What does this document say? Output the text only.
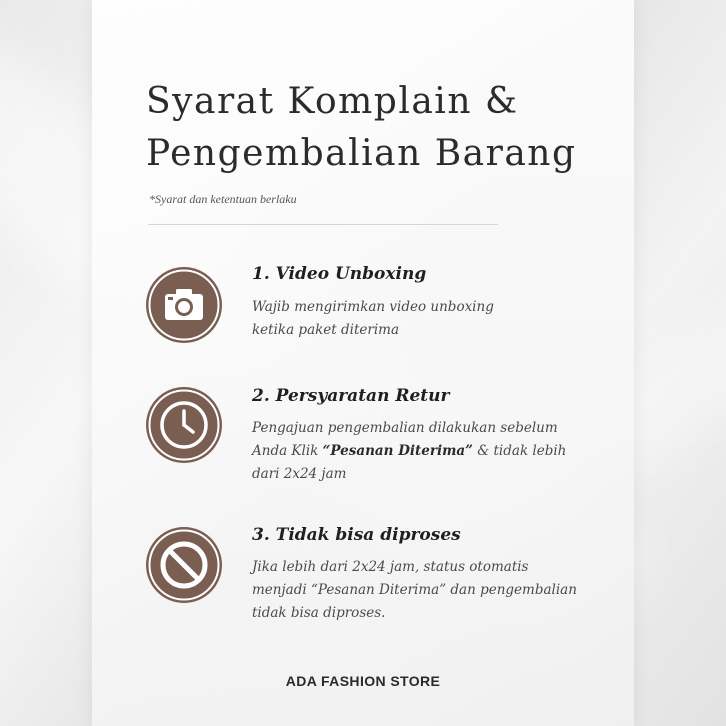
Syarat Komplain &
Pengembalian Barang
*Syarat dan ketentuan berlaku
1. Video Unboxing
Wajib mengirimkan video unboxing
ketika paket diterima
2. Persyaratan Retur
Pengajuan pengembalian dilakukan sebelum
Anda Klik “Pesanan Diterima” & tidak lebih
dari 2x24 jam
3. Tidak bisa diproses
Jika lebih dari 2x24 jam, status otomatis
menjadi “Pesanan Diterima” dan pengembalian
tidak bisa diproses.
ADA FASHION STORE
